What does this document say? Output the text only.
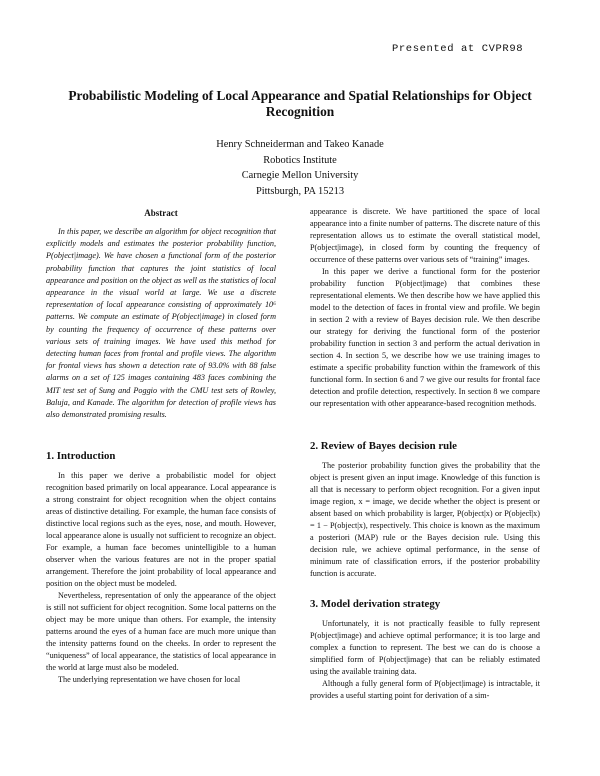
Presented at CVPR98
Probabilistic Modeling of Local Appearance and Spatial Relationships for Object Recognition
Henry Schneiderman and Takeo Kanade
Robotics Institute
Carnegie Mellon University
Pittsburgh, PA 15213
Abstract

In this paper, we describe an algorithm for object recognition that explicitly models and estimates the posterior probability function, P(object|image). We have chosen a functional form of the posterior probability function that captures the joint statistics of local appearance and position on the object as well as the statistics of local appearance in the visual world at large. We use a discrete representation of local appearance consisting of approximately 10⁶ patterns. We compute an estimate of P(object|image) in closed form by counting the frequency of occurrence of these patterns over various sets of training images. We have used this method for detecting human faces from frontal and profile views. The algorithm for frontal views has shown a detection rate of 93.0% with 88 false alarms on a set of 125 images containing 483 faces combining the MIT test set of Sung and Poggio with the CMU test sets of Rowley, Baluja, and Kanade. The algorithm for detection of profile views has also demonstrated promising results.

1. Introduction

In this paper we derive a probabilistic model for object recognition based primarily on local appearance. Local appearance is a strong constraint for object recognition when the object contains areas of distinctive detailing. For example, the human face consists of distinctive local regions such as the eyes, nose, and mouth. However, local appearance alone is usually not sufficient to recognize an object. For example, a human face becomes unintelligible to a human observer when the various features are not in the proper spatial arrangement. Therefore the joint probability of local appearance and position on the object must be modeled.

Nevertheless, representation of only the appearance of the object is still not sufficient for object recognition. Some local patterns on the object may be more unique than others. For example, the intensity patterns around the eyes of a human face are much more unique than the intensity patterns found on the cheeks. In order to represent the “uniqueness” of local appearance, the statistics of local appearance in the world at large must also be modeled.

The underlying representation we have chosen for local

appearance is discrete. We have partitioned the space of local appearance into a finite number of patterns. The discrete nature of this representation allows us to estimate the overall statistical model, P(object|image), in closed form by counting the frequency of occurrence of these patterns over various sets of “training” images.

In this paper we derive a functional form for the posterior probability function P(object|image) that combines these representational elements. We then describe how we have applied this model to the detection of faces in frontal view and profile. We begin in section 2 with a review of Bayes decision rule. We then describe our strategy for deriving the functional form of the posterior probability function in section 3 and perform the actual derivation in section 4. In section 5, we describe how we use training images to estimate a specific probability function within the framework of this functional form. In section 6 and 7 we give our results for frontal face detection and profile detection, respectively. In section 8 we compare our representation with other appearance-based recognition methods.

2. Review of Bayes decision rule

The posterior probability function gives the probability that the object is present given an input image. Knowledge of this function is all that is necessary to perform object recognition. For a given input image region, x = image, we decide whether the object is present or absent based on which probability is larger, P(object|x) or P(object̄|x) = 1 − P(object|x), respectively. This choice is known as the maximum a posteriori (MAP) rule or the Bayes decision rule. Using this decision rule, we achieve optimal performance, in the sense of minimum rate of classification errors, if the posterior probability function is accurate.

3. Model derivation strategy

Unfortunately, it is not practically feasible to fully represent P(object|image) and achieve optimal performance; it is too large and complex a function to represent. The best we can do is choose a simplified form of P(object|image) that can be reliably estimated using the available training data.

Although a fully general form of P(object|image) is intractable, it provides a useful starting point for derivation of a sim-
